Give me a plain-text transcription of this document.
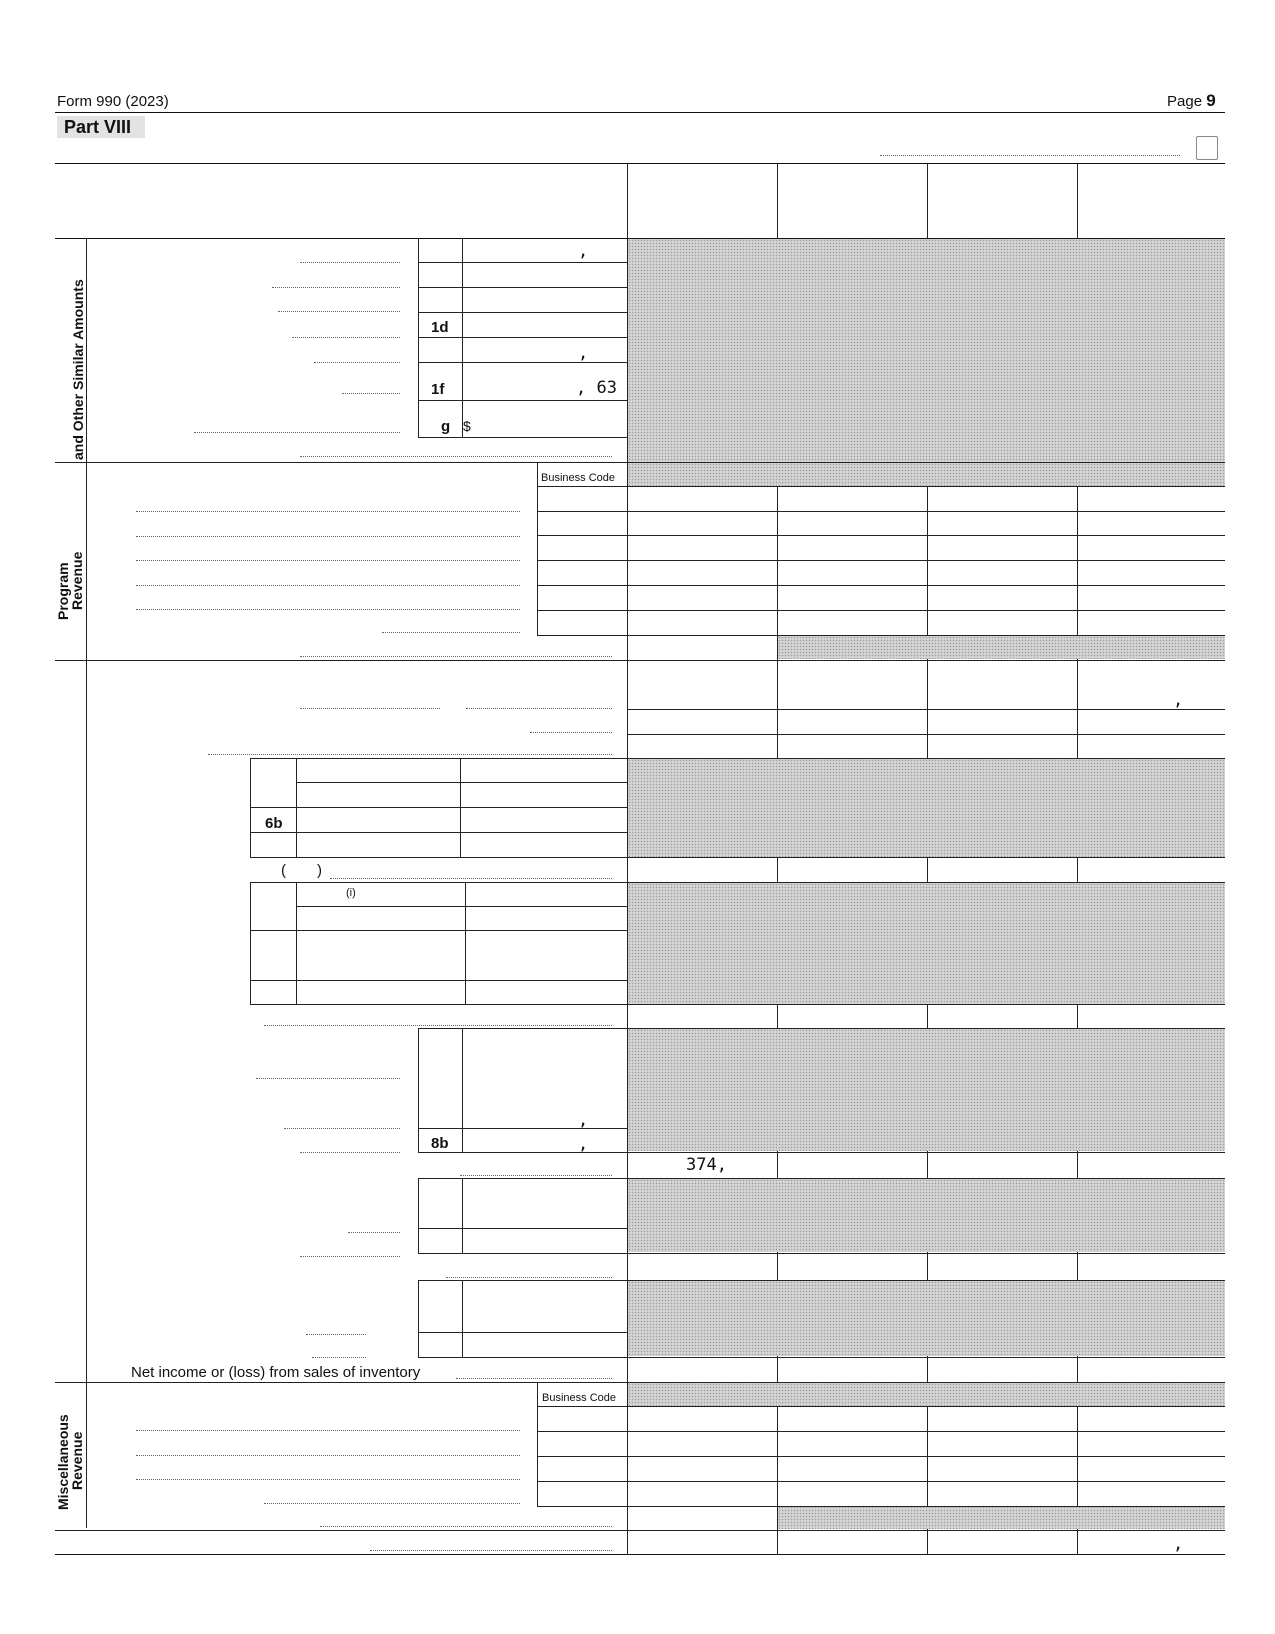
Form 990 (2023)	Page 9
Part VIII
and Other Similar Amounts
Program
Revenue
Miscellaneous
Revenue
1d
1f
g $
,
,
, 63
Business Code
,
6b
( )
(i)
8b
,
,
374,
Net income or (loss) from sales of inventory
Business Code
,
